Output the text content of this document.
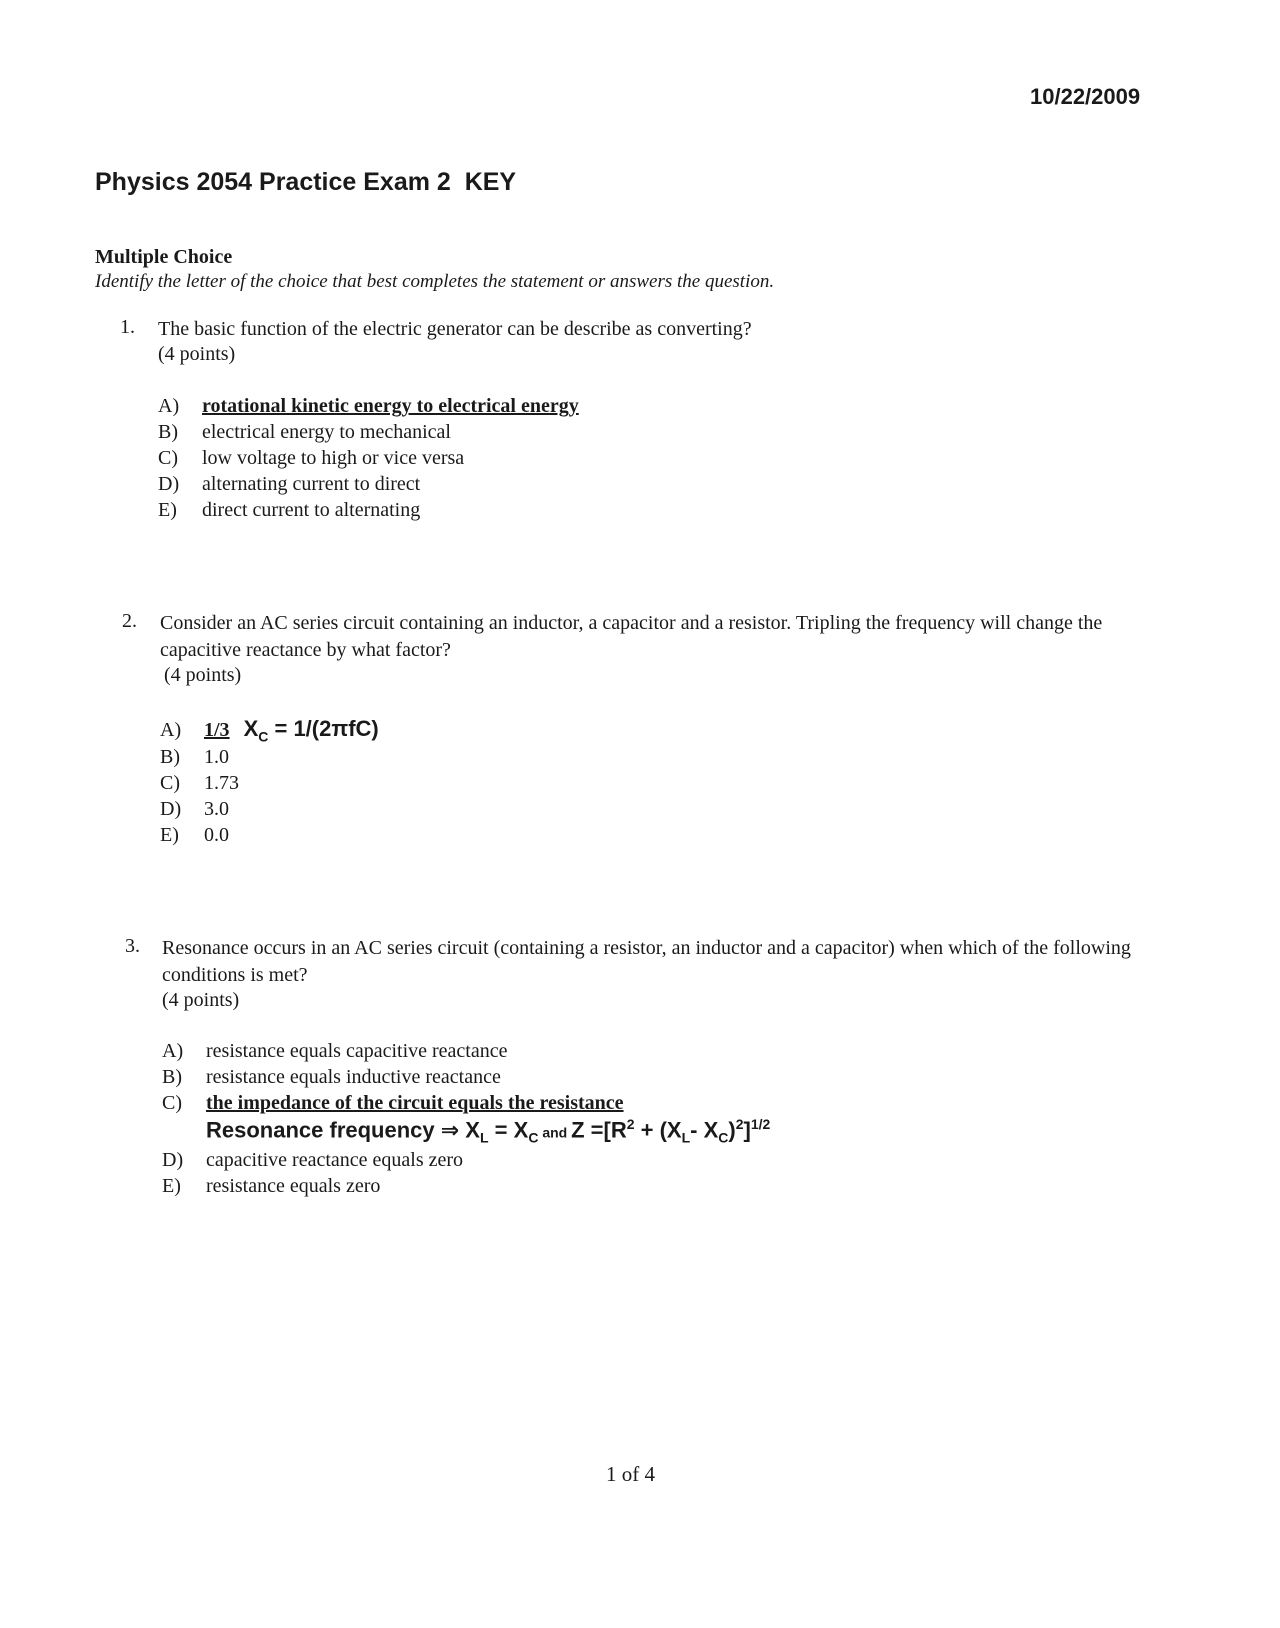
10/22/2009
Physics 2054 Practice Exam 2  KEY
Multiple Choice
Identify the letter of the choice that best completes the statement or answers the question.
1. The basic function of the electric generator can be describe as converting?
(4 points)
A) rotational kinetic energy to electrical energy
B) electrical energy to mechanical
C) low voltage to high or vice versa
D) alternating current to direct
E) direct current to alternating
2. Consider an AC series circuit containing an inductor, a capacitor and a resistor. Tripling the frequency will change the capacitive reactance by what factor?
(4 points)
A) 1/3 $X_C = 1/(2\pi fC)$
B) 1.0
C) 1.73
D) 3.0
E) 0.0
3. Resonance occurs in an AC series circuit (containing a resistor, an inductor and a capacitor) when which of the following conditions is met?
(4 points)
A) resistance equals capacitive reactance
B) resistance equals inductive reactance
C) the impedance of the circuit equals the resistance
Resonance frequency ⇒ $X_L = X_C$ and $Z =[R^2 + (X_L-$ $X_C)^2]^{1/2}$
D) capacitive reactance equals zero
E) resistance equals zero
1 of 4
